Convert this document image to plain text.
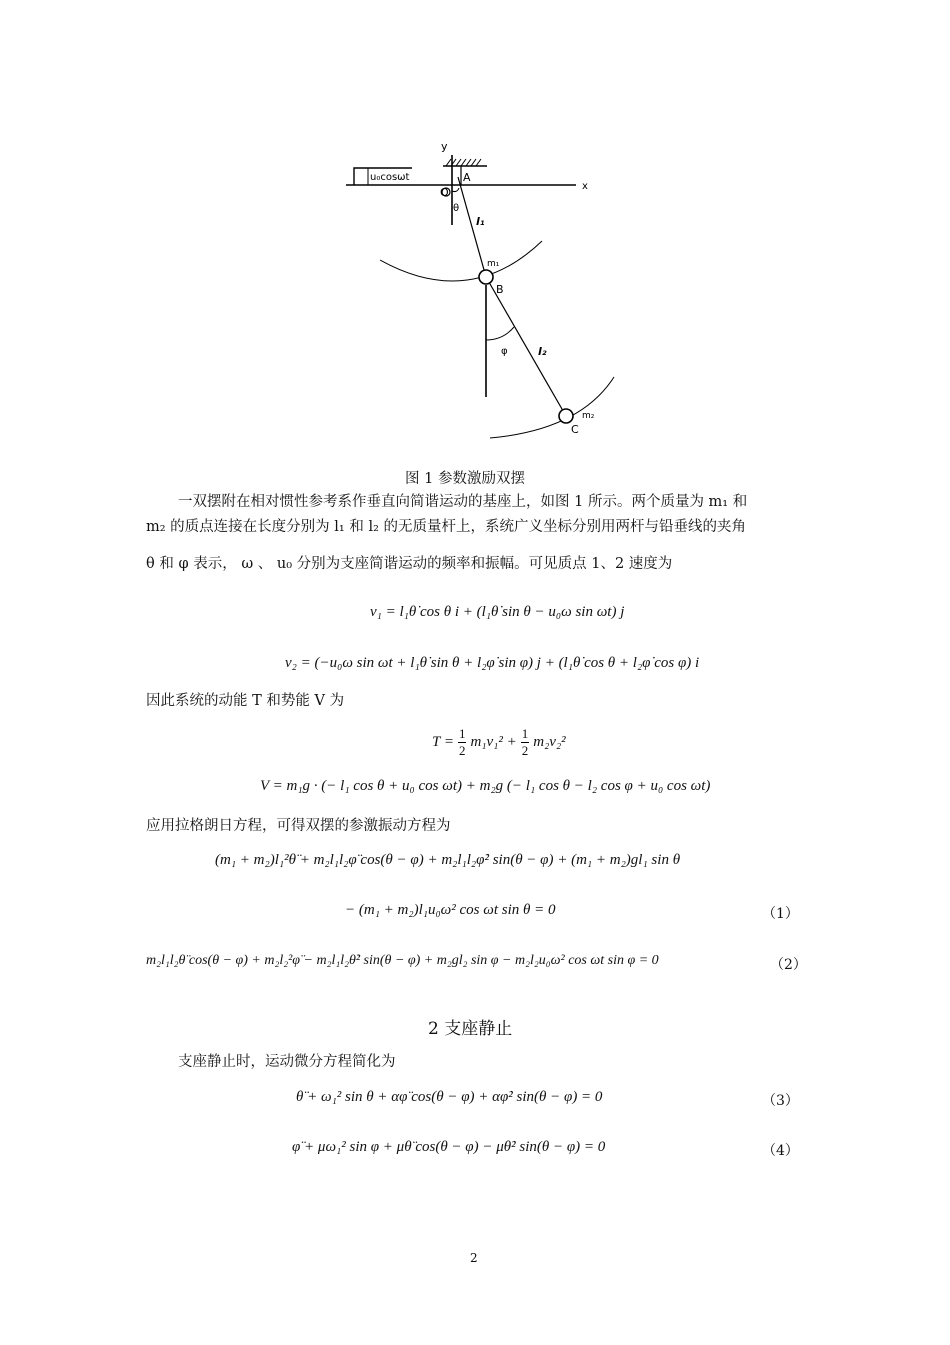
y
x
O
A
θ
l₁
m₁
B
φ	l₂
m₂
C
u₀cosωt
图 1 参数激励双摆
一双摆附在相对惯性参考系作垂直向简谐运动的基座上，如图 1 所示。两个质量为 m₁ 和
m₂ 的质点连接在长度分别为 l₁ 和 l₂ 的无质量杆上，系统广义坐标分别用两杆与铅垂线的夹角
θ 和 φ 表示， ω 、 u₀ 分别为支座简谐运动的频率和振幅。可见质点 1、2 速度为
v₁ = l₁θ̇ cos θ i + (l₁θ̇ sin θ − u₀ω sin ωt) j
v₂ = (−u₀ω sin ωt + l₁θ̇ sin θ + l₂φ̇ sin φ) j + (l₁θ̇ cos θ + l₂φ̇ cos φ) i
因此系统的动能 T 和势能 V 为
$T = \frac{1}{2} m_1v_1^2 + \frac{1}{2} m_2v_2^2$
V = m₁g · (− l₁ cos θ + u₀ cos ωt) + m₂g (− l₁ cos θ − l₂ cos φ + u₀ cos ωt)
应用拉格朗日方程，可得双摆的参激振动方程为
(m₁ + m₂)l₁²θ̈ + m₂l₁l₂φ̈ cos(θ − φ) + m₂l₁l₂φ̇² sin(θ − φ) + (m₁ + m₂)gl₁ sin θ
− (m₁ + m₂)l₁u₀ω² cos ωt sin θ = 0	（1）
m₂l₁l₂θ̈ cos(θ − φ) + m₂l₂²φ̈ − m₂l₁l₂θ̇² sin(θ − φ) + m₂gl₂ sin φ − m₂l₂u₀ω² cos ωt sin φ = 0	（2）
2 支座静止
支座静止时，运动微分方程简化为
θ̈ + ω₁² sin θ + αφ̈ cos(θ − φ) + αφ̇² sin(θ − φ) = 0	（3）
φ̈ + μω₁² sin φ + μθ̈ cos(θ − φ) − μθ̇² sin(θ − φ) = 0	（4）
2
